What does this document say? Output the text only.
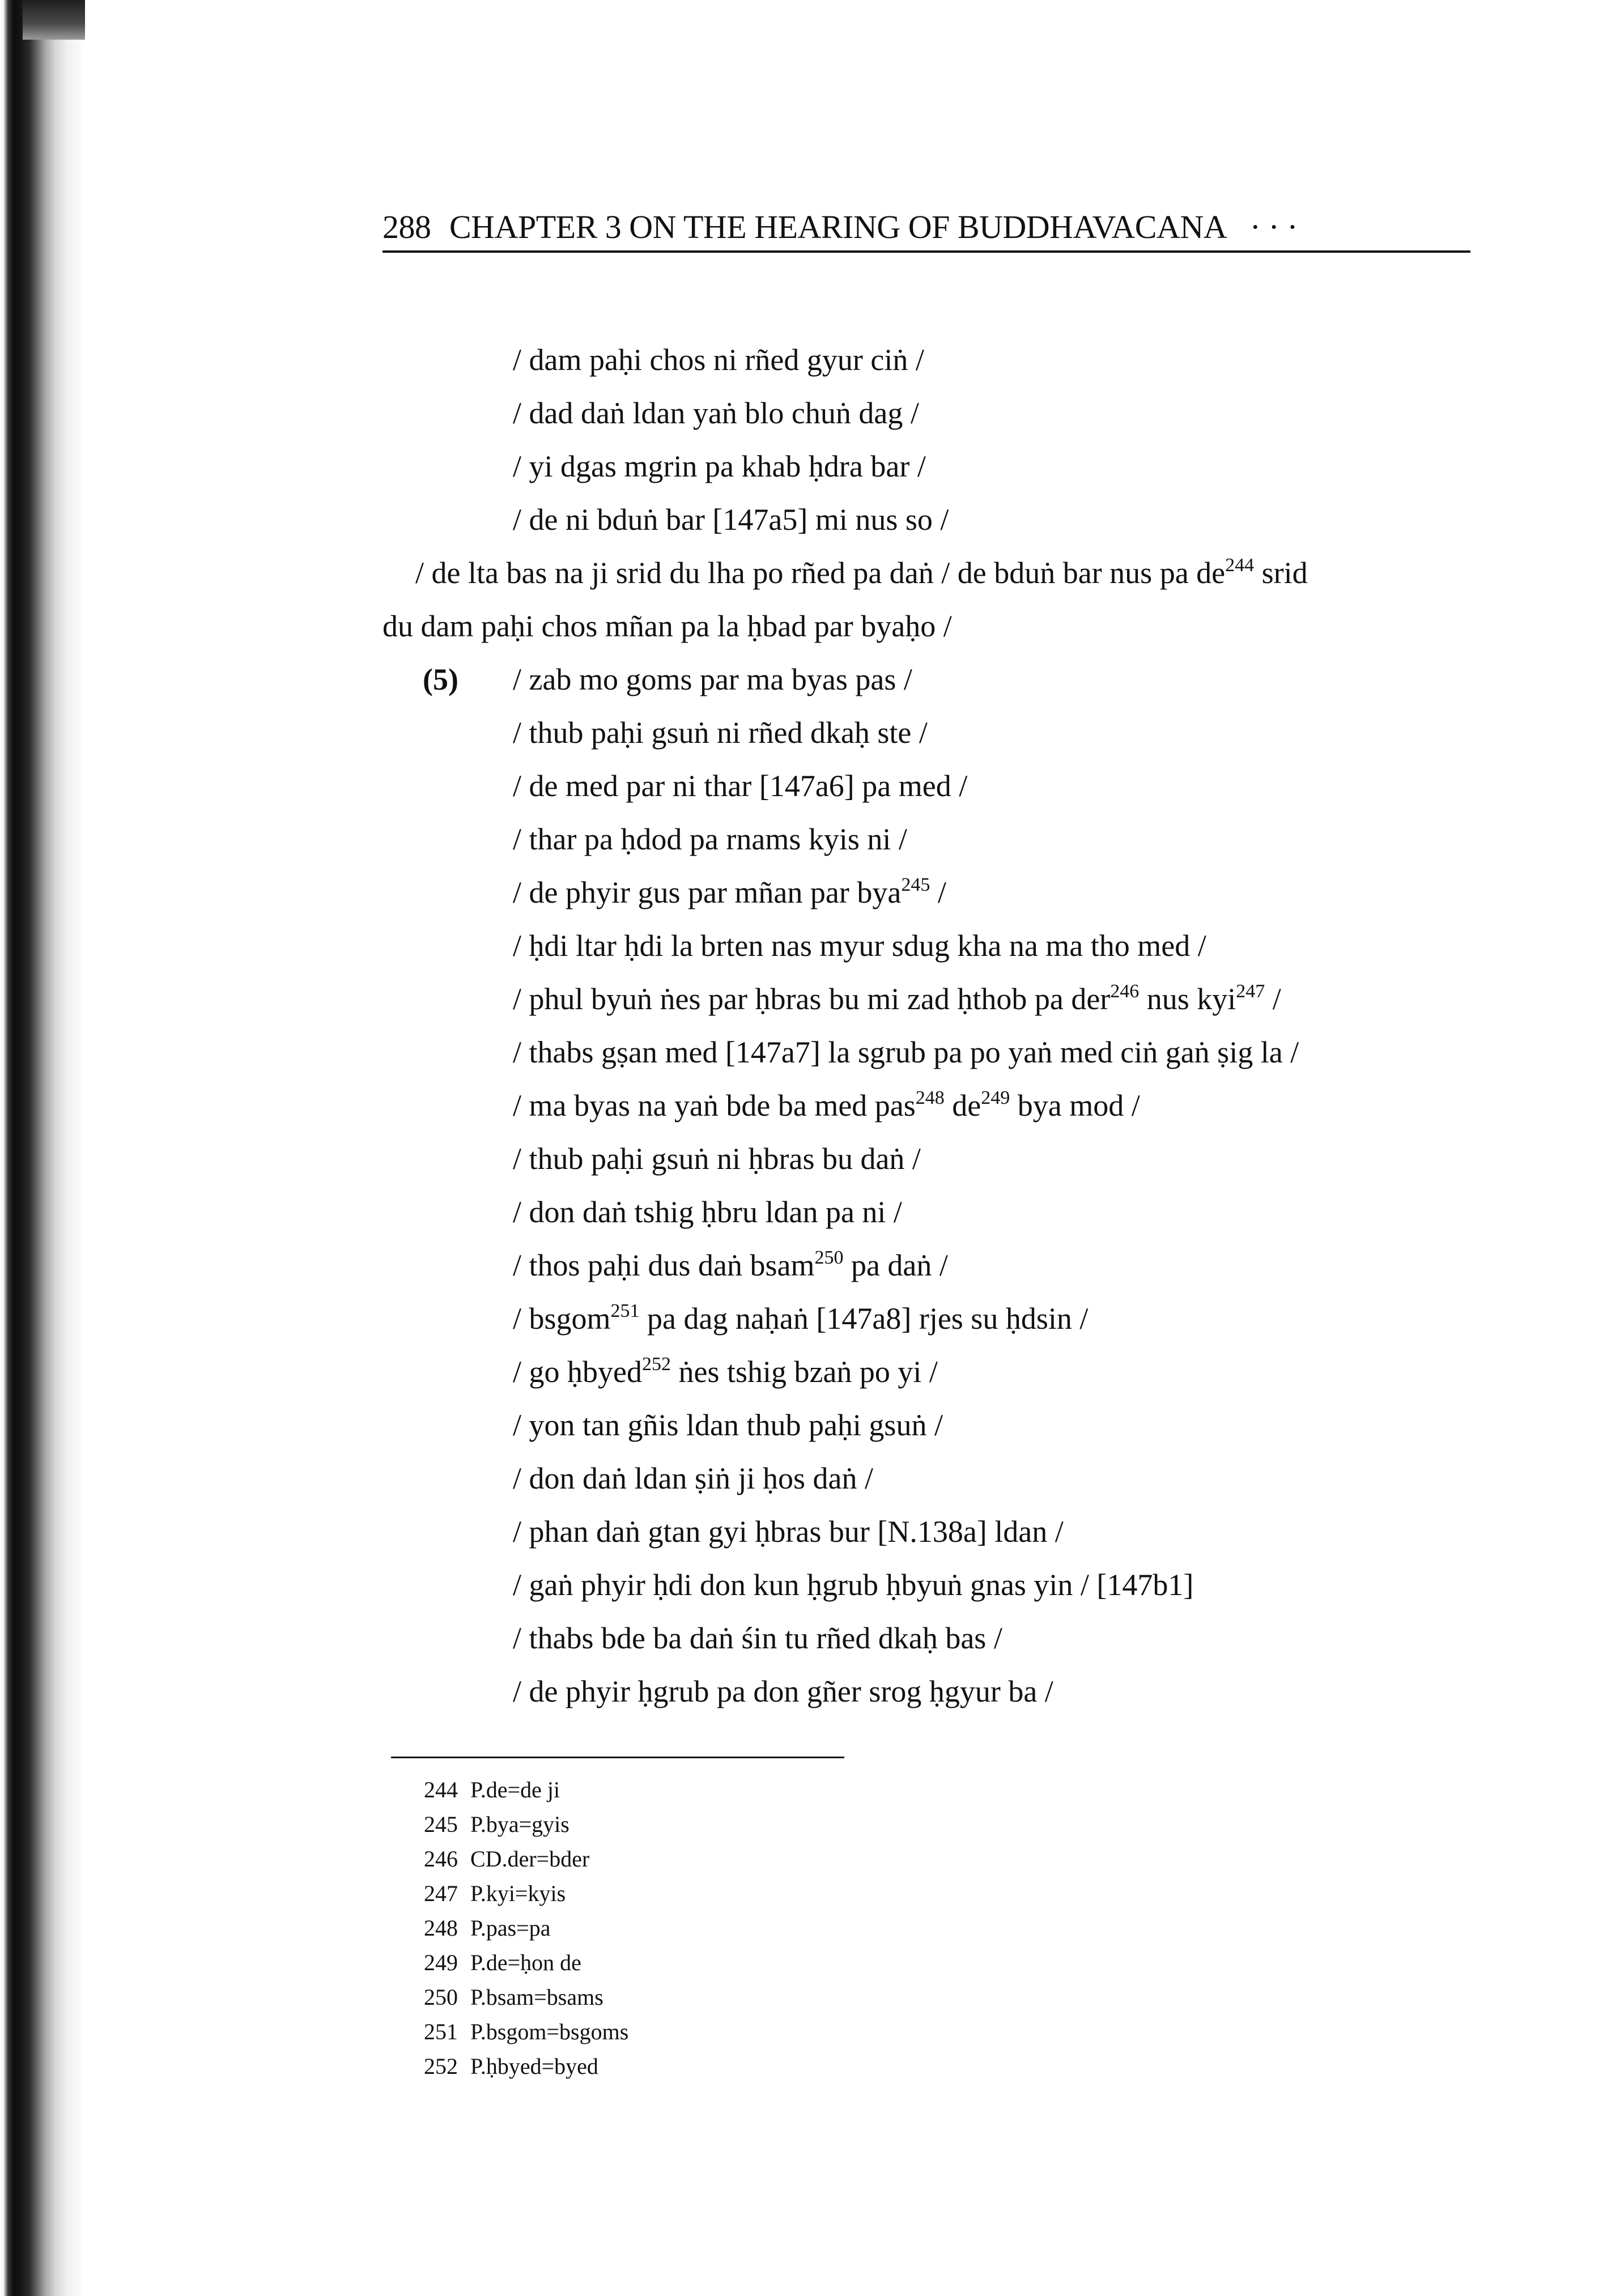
288 CHAPTER 3 ON THE HEARING OF BUDDHAVACANA · · ·
/ dam paḥi chos ni rñed gyur ciṅ /
/ dad daṅ ldan yaṅ blo chuṅ dag /
/ yi dgas mgrin pa khab ḥdra bar /
/ de ni bduṅ bar [147a5] mi nus so /
/ de lta bas na ji srid du lha po rñed pa daṅ / de bduṅ bar nus pa $de^{244}$ srid
du dam paḥi chos mñan pa la ḥbad par byaḥo /
(5) / zab mo goms par ma byas pas /
/ thub paḥi gsuṅ ni rñed dkaḥ ste /
/ de med par ni thar [147a6] pa med /
/ thar pa ḥdod pa rnams kyis ni /
/ de phyir gus par mñan par bya$^{245}$ /
/ ḥdi ltar ḥdi la brten nas myur sdug kha na ma tho med /
/ phul byuṅ ṅes par ḥbras bu mi zad ḥthob pa der$^{246}$ nus kyi$^{247}$ /
/ thabs gṣan med [147a7] la sgrub pa po yaṅ med ciṅ gaṅ ṣig la /
/ ma byas na yaṅ bde ba med pas$^{248}$ $de^{249}$ bya mod /
/ thub paḥi gsuṅ ni ḥbras bu daṅ /
/ don daṅ tshig ḥbru ldan pa ni /
/ thos paḥi dus daṅ bsam$^{250}$ pa daṅ /
/ bsgom$^{251}$ pa dag naḥaṅ [147a8] rjes su ḥdsin /
/ go ḥbyed$^{252}$ ṅes tshig bzaṅ po yi /
/ yon tan gñis ldan thub paḥi gsuṅ /
/ don daṅ ldan ṣiṅ ji ḥos daṅ /
/ phan daṅ gtan gyi ḥbras bur [N.138a] ldan /
/ gaṅ phyir ḥdi don kun ḥgrub ḥbyuṅ gnas yin / [147b1]
/ thabs bde ba daṅ śin tu rñed dkaḥ bas /
/ de phyir ḥgrub pa don gñer srog ḥgyur ba /
244 P.de=de ji
245 P.bya=gyis
246 CD.der=bder
247 P.kyi=kyis
248 P.pas=pa
249 P.de=ḥon de
250 P.bsam=bsams
251 P.bsgom=bsgoms
252 P.ḥbyed=byed
